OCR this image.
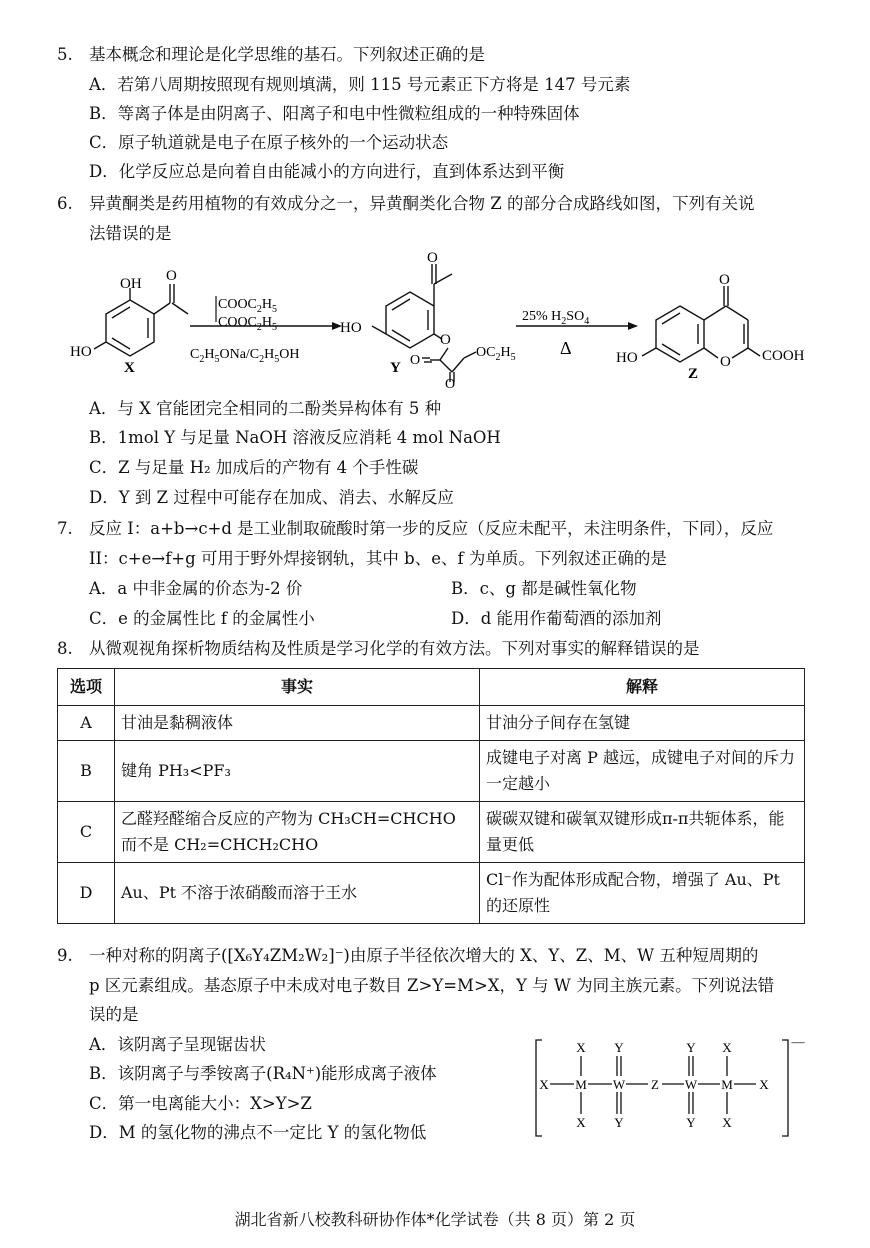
5. 基本概念和理论是化学思维的基石。下列叙述正确的是
A．若第八周期按照现有规则填满，则 115 号元素正下方将是 147 号元素
B．等离子体是由阴离子、阳离子和电中性微粒组成的一种特殊固体
C．原子轨道就是电子在原子核外的一个运动状态
D．化学反应总是向着自由能减小的方向进行，直到体系达到平衡
6. 异黄酮类是药用植物的有效成分之一，异黄酮类化合物 Z 的部分合成路线如图，下列有关说
法错误的是
OH O
HO
X
$COOC_2H_5$
$COOC_2H_5$
$C_2H_5ONa/C_2H_5OH$
HO
O
O
O
O
$OC_2H_5$
Y
25% $H_2SO_4$
Δ
O
O
HO	COOH
Z
A．与 X 官能团完全相同的二酚类异构体有 5 种
B．1mol Y 与足量 NaOH 溶液反应消耗 4 mol NaOH
C．Z 与足量 H₂ 加成后的产物有 4 个手性碳
D．Y 到 Z 过程中可能存在加成、消去、水解反应
7. 反应 I：a+b→c+d 是工业制取硫酸时第一步的反应（反应未配平，未注明条件，下同），反应
II：c+e→f+g 可用于野外焊接钢轨，其中 b、e、f 为单质。下列叙述正确的是
A．a 中非金属的价态为-2 价	B．c、g 都是碱性氧化物
C．e 的金属性比 f 的金属性小	D．d 能用作葡萄酒的添加剂
8. 从微观视角探析物质结构及性质是学习化学的有效方法。下列对事实的解释错误的是
选项	事实	解释
A	甘油是黏稠液体	甘油分子间存在氢键
B	键角 PH₃<PF₃	成键电子对离 P 越远，成键电子对间的斥力一定越小
C	乙醛羟醛缩合反应的产物为 CH₃CH=CHCHO 而不是 CH₂=CHCH₂CHO	碳碳双键和碳氧双键形成π-π共轭体系，能量更低
D	Au、Pt 不溶于浓硝酸而溶于王水	Cl⁻作为配体形成配合物，增强了 Au、Pt 的还原性
9. 一种对称的阴离子([X₆Y₄ZM₂W₂]⁻)由原子半径依次增大的 X、Y、Z、M、W 五种短周期的
p 区元素组成。基态原子中未成对电子数目 Z>Y=M>X，Y 与 W 为同主族元素。下列说法错
误的是
A．该阴离子呈现锯齿状
B．该阴离子与季铵离子(R₄N⁺)能形成离子液体
C．第一电离能大小：X>Y>Z
D．M 的氢化物的沸点不一定比 Y 的氢化物低
X Y	Y X
X M W Z W M X
X Y	Y X
—
湖北省新八校教科研协作体*化学试卷（共 8 页）第 2 页
